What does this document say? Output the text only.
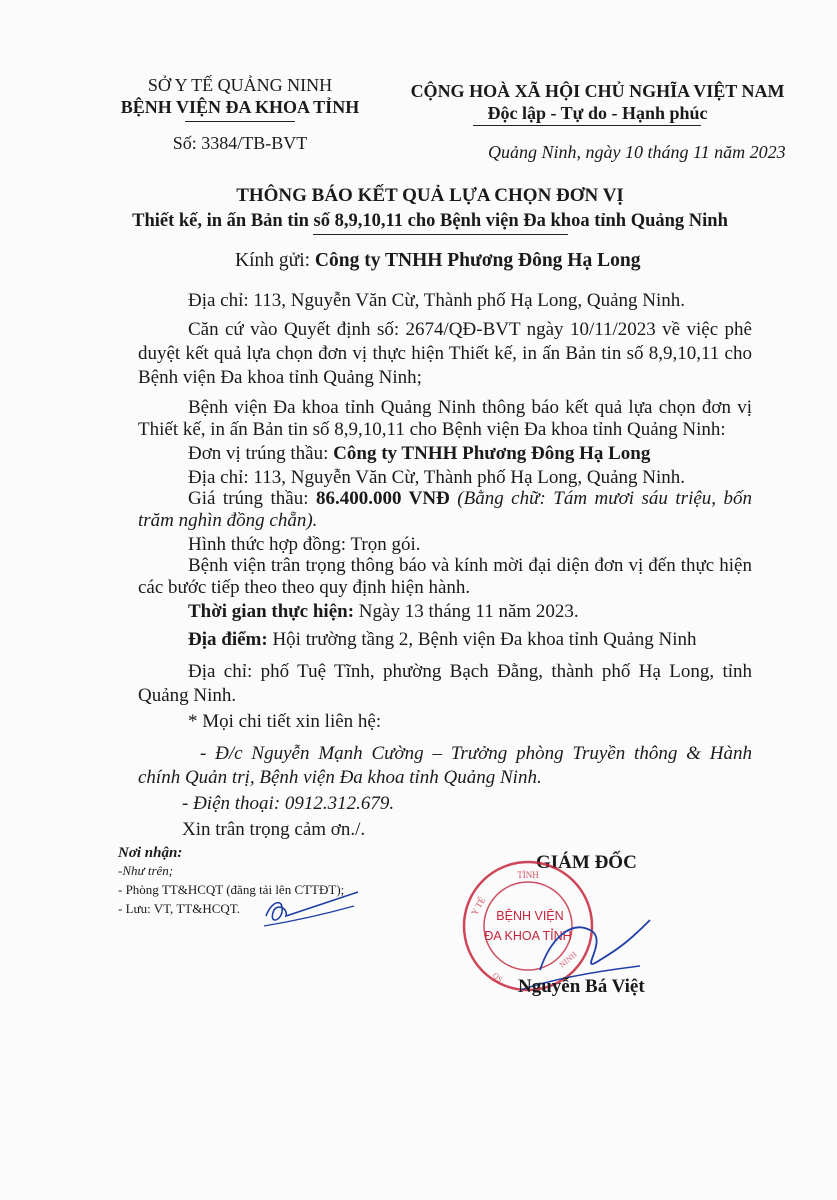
SỞ Y TẾ QUẢNG NINH
BỆNH VIỆN ĐA KHOA TỈNH
Số: 3384/TB-BVT
CỘNG HOÀ XÃ HỘI CHỦ NGHĨA VIỆT NAM
Độc lập - Tự do - Hạnh phúc
Quảng Ninh, ngày 10 tháng 11 năm 2023
THÔNG BÁO KẾT QUẢ LỰA CHỌN ĐƠN VỊ
Thiết kế, in ấn Bản tin số 8,9,10,11 cho Bệnh viện Đa khoa tỉnh Quảng Ninh
Kính gửi: Công ty TNHH Phương Đông Hạ Long
Địa chỉ: 113, Nguyễn Văn Cừ, Thành phố Hạ Long, Quảng Ninh.
Căn cứ vào Quyết định số: 2674/QĐ-BVT ngày 10/11/2023 về việc phê duyệt kết quả lựa chọn đơn vị thực hiện Thiết kế, in ấn Bản tin số 8,9,10,11 cho Bệnh viện Đa khoa tỉnh Quảng Ninh;
Bệnh viện Đa khoa tỉnh Quảng Ninh thông báo kết quả lựa chọn đơn vị Thiết kế, in ấn Bản tin số 8,9,10,11 cho Bệnh viện Đa khoa tỉnh Quảng Ninh:
Đơn vị trúng thầu: Công ty TNHH Phương Đông Hạ Long
Địa chỉ: 113, Nguyễn Văn Cừ, Thành phố Hạ Long, Quảng Ninh.
Giá trúng thầu: 86.400.000 VNĐ (Bằng chữ: Tám mươi sáu triệu, bốn trăm nghìn đồng chẵn).
Hình thức hợp đồng: Trọn gói.
Bệnh viện trân trọng thông báo và kính mời đại diện đơn vị đến thực hiện các bước tiếp theo theo quy định hiện hành.
Thời gian thực hiện: Ngày 13 tháng 11 năm 2023.
Địa điểm: Hội trường tầng 2, Bệnh viện Đa khoa tỉnh Quảng Ninh
Địa chỉ: phố Tuệ Tĩnh, phường Bạch Đằng, thành phố Hạ Long, tỉnh Quảng Ninh.
* Mọi chi tiết xin liên hệ:
- Đ/c Nguyễn Mạnh Cường – Trưởng phòng Truyền thông & Hành chính Quản trị, Bệnh viện Đa khoa tỉnh Quảng Ninh.
- Điện thoại: 0912.312.679.
Xin trân trọng cảm ơn./.
Nơi nhận:
-Như trên;
- Phòng TT&HCQT (đăng tải lên CTTĐT);
- Lưu: VT, TT&HCQT.
GIÁM ĐỐC
TỈNH
Y TẾ
QS
NINH
BỆNH VIỆN
ĐA KHOA TỈNH
Nguyễn Bá Việt
